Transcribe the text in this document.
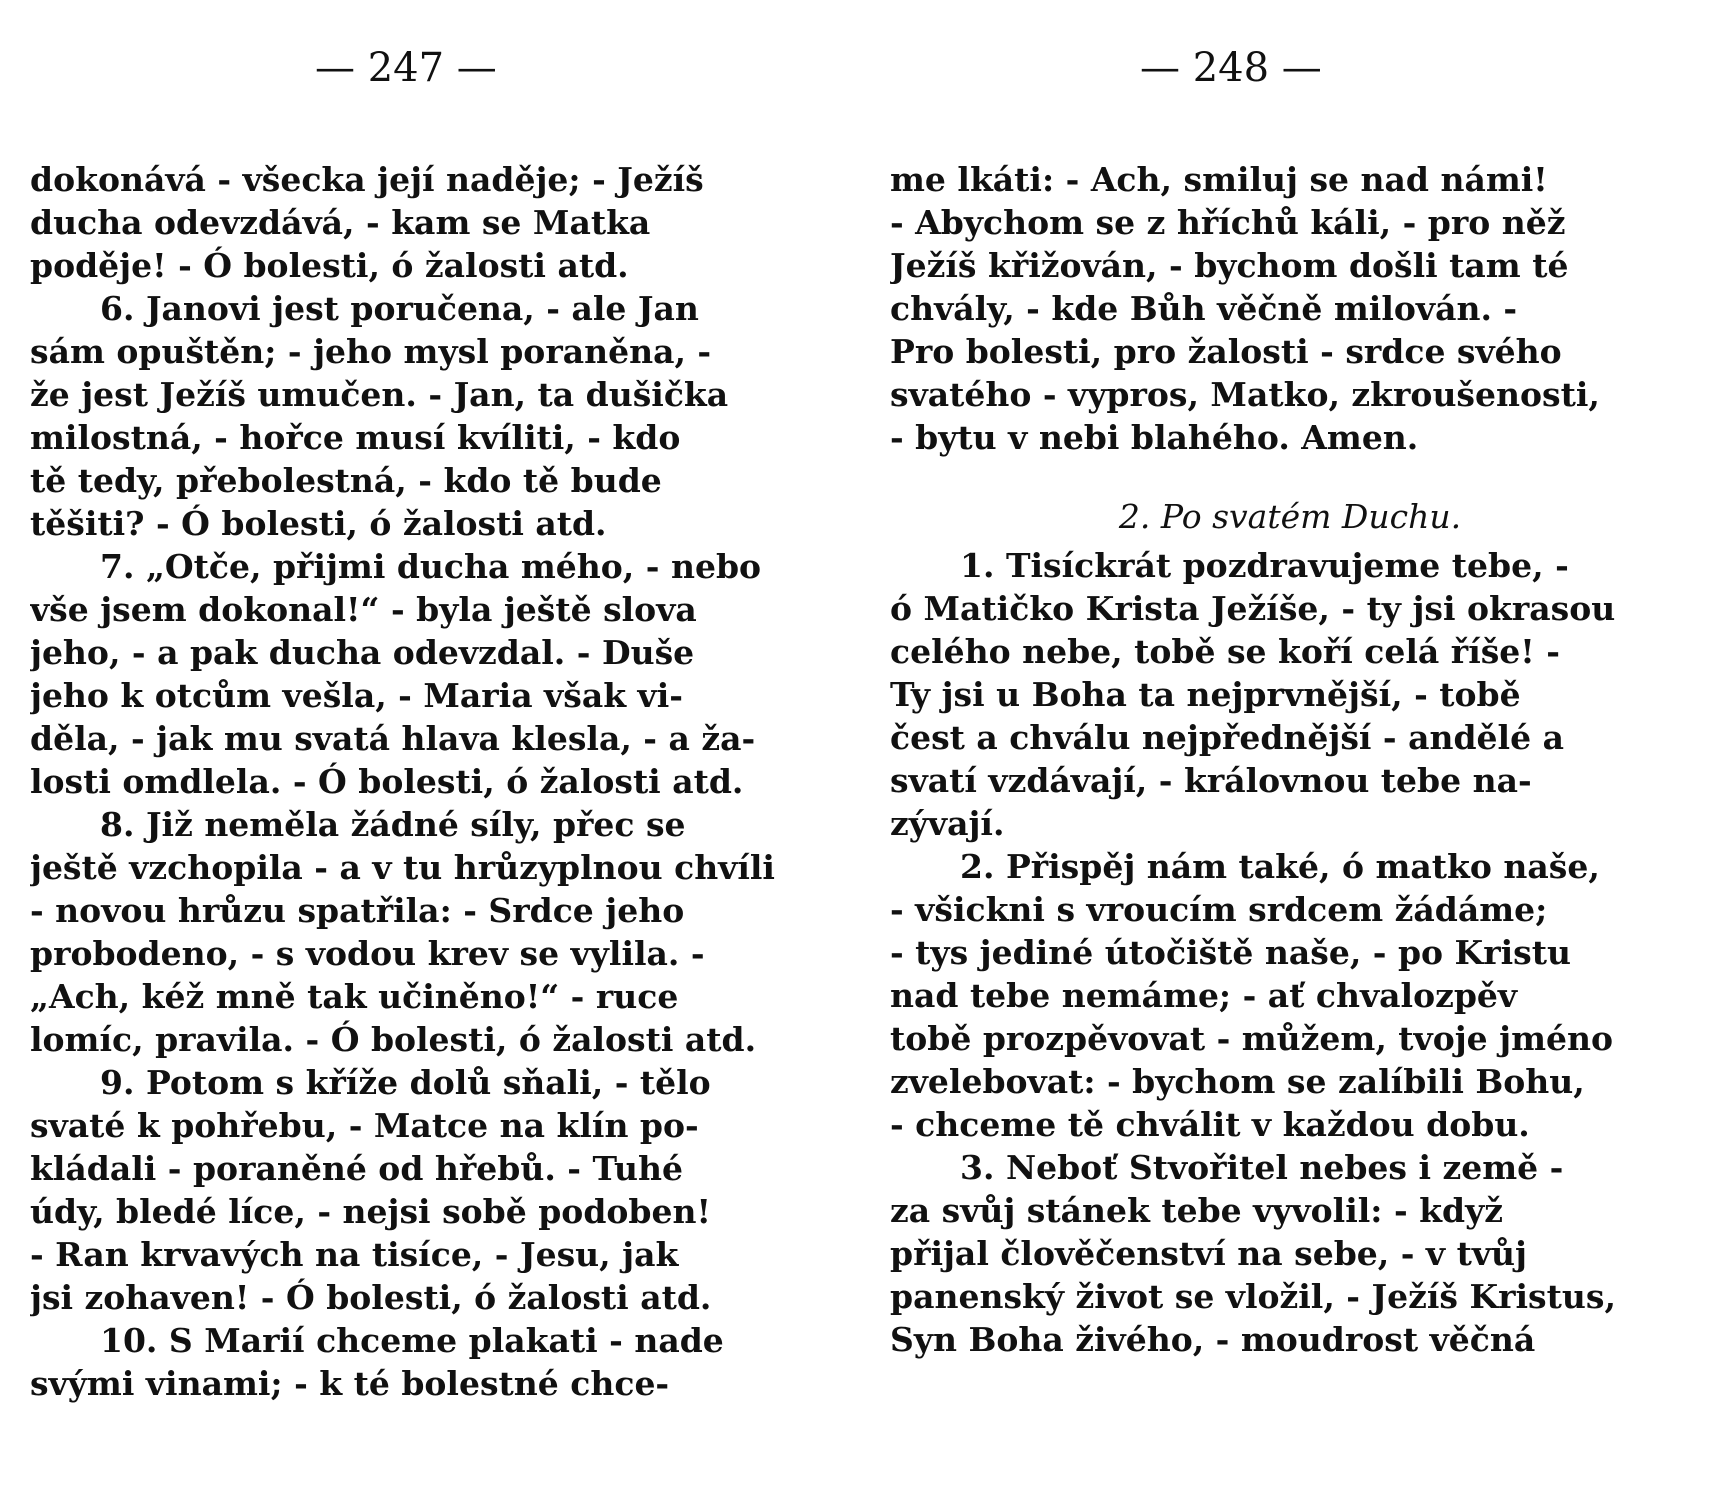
— 247 —
dokonává - všecka její naděje; - Ježíš
ducha odevzdává, - kam se Matka
poděje! - Ó bolesti, ó žalosti atd.
6. Janovi jest poručena, - ale Jan
sám opuštěn; - jeho mysl poraněna, -
že jest Ježíš umučen. - Jan, ta dušička
milostná, - hořce musí kvíliti, - kdo
tě tedy, přebolestná, - kdo tě bude
těšiti? - Ó bolesti, ó žalosti atd.
7. „Otče, přijmi ducha mého, - nebo
vše jsem dokonal!“ - byla ještě slova
jeho, - a pak ducha odevzdal. - Duše
jeho k otcům vešla, - Maria však vi-
děla, - jak mu svatá hlava klesla, - a ža-
losti omdlela. - Ó bolesti, ó žalosti atd.
8. Již neměla žádné síly, přec se
ještě vzchopila - a v tu hrůzyplnou chvíli
- novou hrůzu spatřila: - Srdce jeho
probodeno, - s vodou krev se vylila. -
„Ach, kéž mně tak učiněno!“ - ruce
lomíc, pravila. - Ó bolesti, ó žalosti atd.
9. Potom s kříže dolů sňali, - tělo
svaté k pohřebu, - Matce na klín po-
kládali - poraněné od hřebů. - Tuhé
údy, bledé líce, - nejsi sobě podoben!
- Ran krvavých na tisíce, - Jesu, jak
jsi zohaven! - Ó bolesti, ó žalosti atd.
10. S Marií chceme plakati - nade
svými vinami; - k té bolestné chce-
— 248 —
me lkáti: - Ach, smiluj se nad námi!
- Abychom se z hříchů káli, - pro něž
Ježíš křižován, - bychom došli tam té
chvály, - kde Bůh věčně milován. -
Pro bolesti, pro žalosti - srdce svého
svatého - vypros, Matko, zkroušenosti,
- bytu v nebi blahého. Amen.
2. Po svatém Duchu.
1. Tisíckrát pozdravujeme tebe, -
ó Matičko Krista Ježíše, - ty jsi okrasou
celého nebe, tobě se koří celá říše! -
Ty jsi u Boha ta nejprvnější, - tobě
čest a chválu nejpřednější - andělé a
svatí vzdávají, - královnou tebe na-
zývají.
2. Přispěj nám také, ó matko naše,
- všickni s vroucím srdcem žádáme;
- tys jediné útočiště naše, - po Kristu
nad tebe nemáme; - ať chvalozpěv
tobě prozpěvovat - můžem, tvoje jméno
zvelebovat: - bychom se zalíbili Bohu,
- chceme tě chválit v každou dobu.
3. Neboť Stvořitel nebes i země -
za svůj stánek tebe vyvolil: - když
přijal člověčenství na sebe, - v tvůj
panenský život se vložil, - Ježíš Kristus,
Syn Boha živého, - moudrost věčná
